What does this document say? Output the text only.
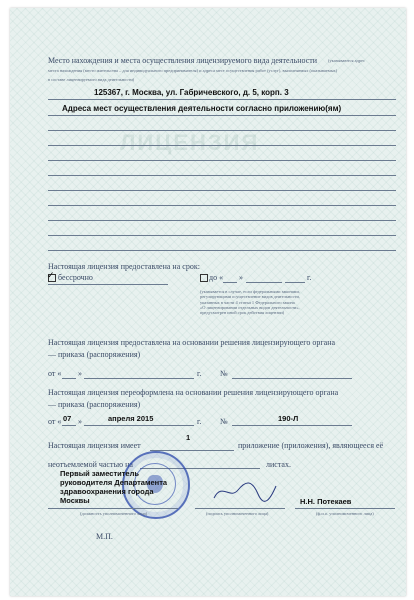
ЛИЦЕНЗИЯ
Место нахождения и места осуществления лицензируемого вида деятельности	(указываются адрес
места нахождения (место жительства – для индивидуального предпринимателя) и адреса мест осуществления работ (услуг), выполняемых (оказываемых)
в составе лицензируемого вида деятельности)
125367, г. Москва, ул. Габричевского, д. 5, корп. 3
Адреса мест осуществления деятельности согласно приложению(ям)
Настоящая лицензия предоставлена на срок:
✓ бессрочно	до « »	г.
(указывается в случае, если федеральными законами,
регулирующими осуществление видов деятельности,
указанных в части 4 статьи 1 Федерального закона
«О лицензировании отдельных видов деятельности»,
предусмотрен иной срок действия лицензии)
Настоящая лицензия предоставлена на основании решения лицензирующего органа
— приказа (распоряжения)
от « »	г. №
Настоящая лицензия переоформлена на основании решения лицензирующего органа
— приказа (распоряжения)
от « 07 »	апреля 2015	г. №	190-Л
Настоящая лицензия имеет
1
приложение (приложения), являющееся её
неотъемлемой частью на	листах.
Первый заместитель
руководителя Департамента
здравоохранения города
Москвы	Н.Н. Потекаев
(должность уполномоченного лица)	(подпись уполномоченного лица)	(ф.и.о. уполномоченного лица)
М.П.
